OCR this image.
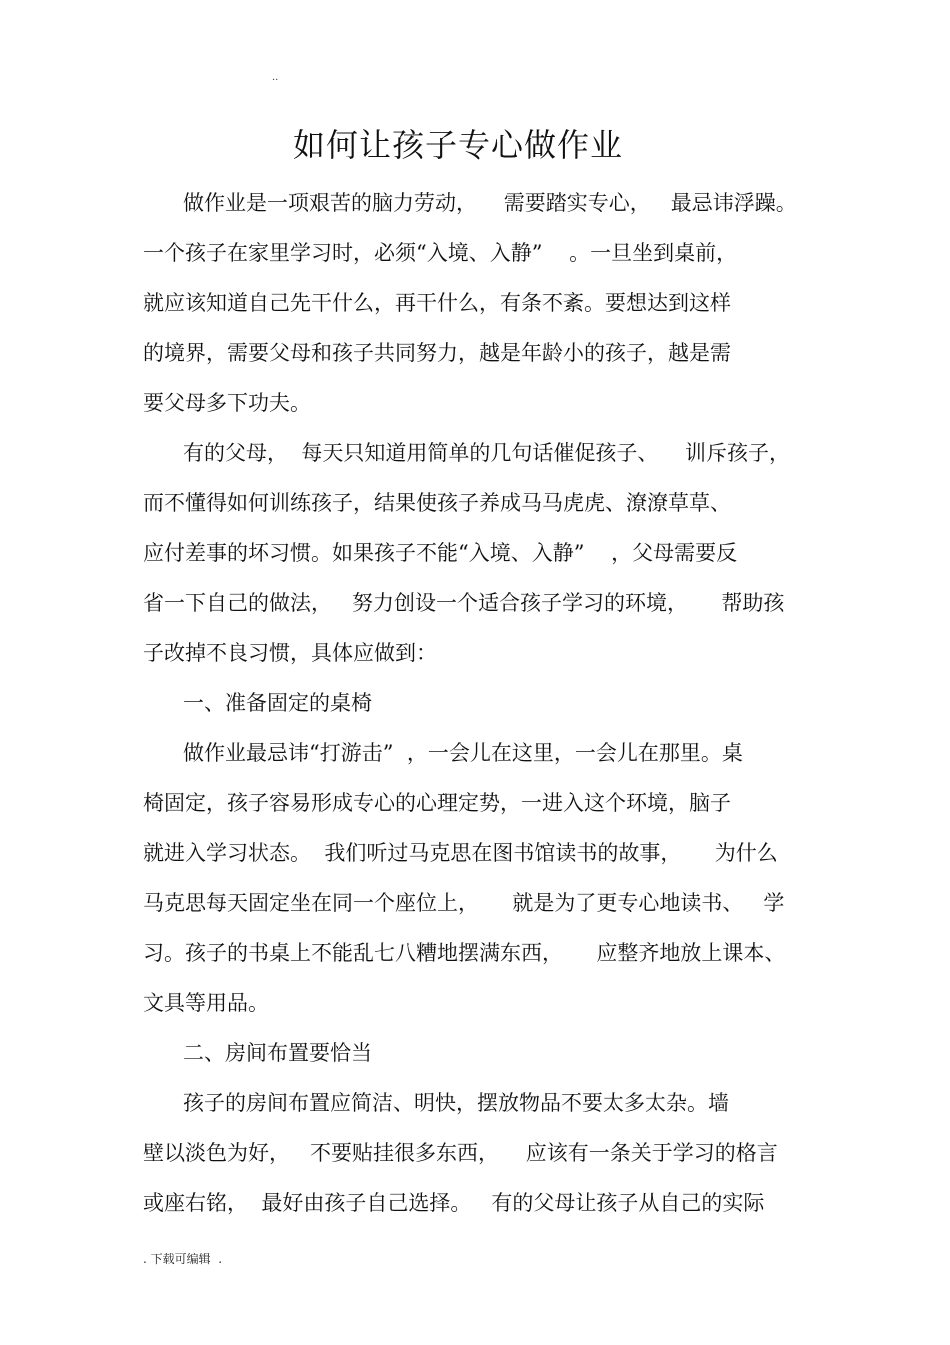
..
如何让孩子专心做作业
做作业是一项艰苦的脑力劳动，    需要踏实专心，   最忌讳浮躁。
一个孩子在家里学习时，必须“入境、入静”    。一旦坐到桌前，
就应该知道自己先干什么，再干什么，有条不紊。要想达到这样
的境界，需要父母和孩子共同努力，越是年龄小的孩子，越是需
要父母多下功夫。
有的父母，  每天只知道用简单的几句话催促孩子、    训斥孩子，
而不懂得如何训练孩子，结果使孩子养成马马虎虎、潦潦草草、
应付差事的坏习惯。如果孩子不能“入境、入静”    ，父母需要反
省一下自己的做法，   努力创设一个适合孩子学习的环境，     帮助孩
子改掉不良习惯，具体应做到：
一、准备固定的桌椅
做作业最忌讳“打游击”  ，一会儿在这里，一会儿在那里。桌
椅固定，孩子容易形成专心的心理定势，一进入这个环境，脑子
就进入学习状态。  我们听过马克思在图书馆读书的故事，     为什么
马克思每天固定坐在同一个座位上，     就是为了更专心地读书、   学
习。孩子的书桌上不能乱七八糟地摆满东西，     应整齐地放上课本、
文具等用品。
二、房间布置要恰当
孩子的房间布置应简洁、明快，摆放物品不要太多太杂。墙
壁以淡色为好，   不要贴挂很多东西，    应该有一条关于学习的格言
或座右铭，  最好由孩子自己选择。   有的父母让孩子从自己的实际
. 下载可编辑  .
